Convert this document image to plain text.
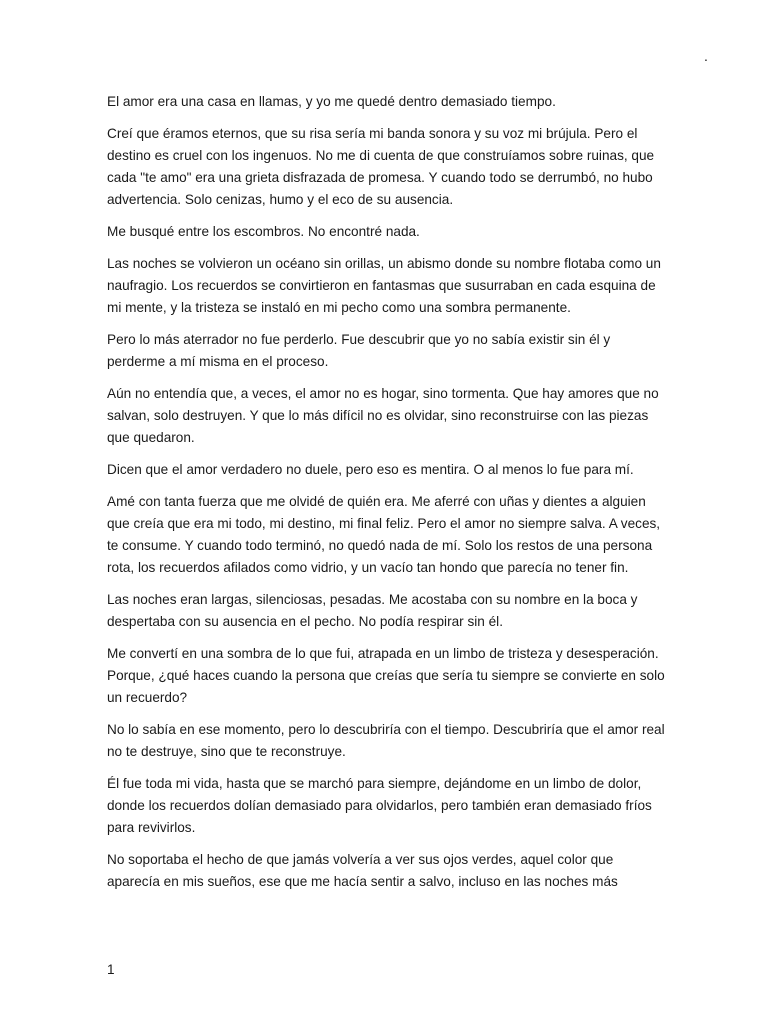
.

El amor era una casa en llamas, y yo me quedé dentro demasiado tiempo.

Creí que éramos eternos, que su risa sería mi banda sonora y su voz mi brújula. Pero el destino es cruel con los ingenuos. No me di cuenta de que construíamos sobre ruinas, que cada "te amo" era una grieta disfrazada de promesa. Y cuando todo se derrumbó, no hubo advertencia. Solo cenizas, humo y el eco de su ausencia.

Me busqué entre los escombros. No encontré nada.

Las noches se volvieron un océano sin orillas, un abismo donde su nombre flotaba como un naufragio. Los recuerdos se convirtieron en fantasmas que susurraban en cada esquina de mi mente, y la tristeza se instaló en mi pecho como una sombra permanente.

Pero lo más aterrador no fue perderlo. Fue descubrir que yo no sabía existir sin él y perderme a mí misma en el proceso.

Aún no entendía que, a veces, el amor no es hogar, sino tormenta. Que hay amores que no salvan, solo destruyen. Y que lo más difícil no es olvidar, sino reconstruirse con las piezas que quedaron.

Dicen que el amor verdadero no duele, pero eso es mentira. O al menos lo fue para mí.

Amé con tanta fuerza que me olvidé de quién era. Me aferré con uñas y dientes a alguien que creía que era mi todo, mi destino, mi final feliz. Pero el amor no siempre salva. A veces, te consume. Y cuando todo terminó, no quedó nada de mí. Solo los restos de una persona rota, los recuerdos afilados como vidrio, y un vacío tan hondo que parecía no tener fin.

Las noches eran largas, silenciosas, pesadas. Me acostaba con su nombre en la boca y despertaba con su ausencia en el pecho. No podía respirar sin él.

Me convertí en una sombra de lo que fui, atrapada en un limbo de tristeza y desesperación. Porque, ¿qué haces cuando la persona que creías que sería tu siempre se convierte en solo un recuerdo?

No lo sabía en ese momento, pero lo descubriría con el tiempo. Descubriría que el amor real no te destruye, sino que te reconstruye.

Él fue toda mi vida, hasta que se marchó para siempre, dejándome en un limbo de dolor, donde los recuerdos dolían demasiado para olvidarlos, pero también eran demasiado fríos para revivirlos.

No soportaba el hecho de que jamás volvería a ver sus ojos verdes, aquel color que aparecía en mis sueños, ese que me hacía sentir a salvo, incluso en las noches más

1
